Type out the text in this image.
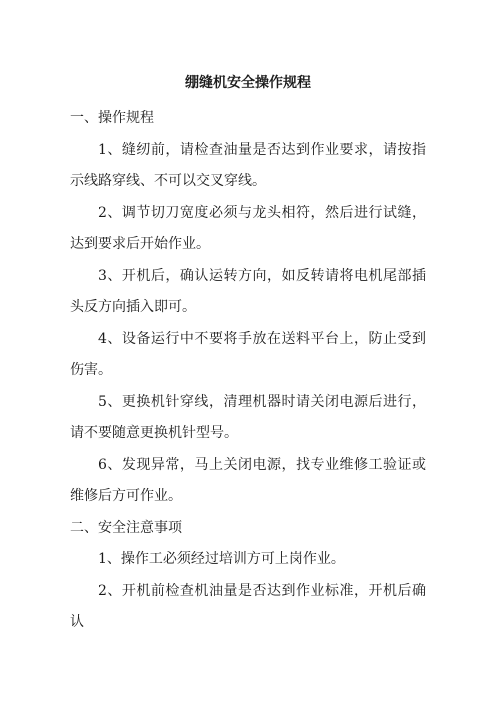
绷缝机安全操作规程

一、操作规程

1、缝纫前，请检查油量是否达到作业要求，请按指示线路穿线、不可以交叉穿线。

2、调节切刀宽度必须与龙头相符，然后进行试缝，达到要求后开始作业。

3、开机后，确认运转方向，如反转请将电机尾部插头反方向插入即可。

4、设备运行中不要将手放在送料平台上，防止受到伤害。

5、更换机针穿线，清理机器时请关闭电源后进行，请不要随意更换机针型号。

6、发现异常，马上关闭电源，找专业维修工验证或维修后方可作业。

二、安全注意事项

1、操作工必须经过培训方可上岗作业。

2、开机前检查机油量是否达到作业标准，开机后确认
